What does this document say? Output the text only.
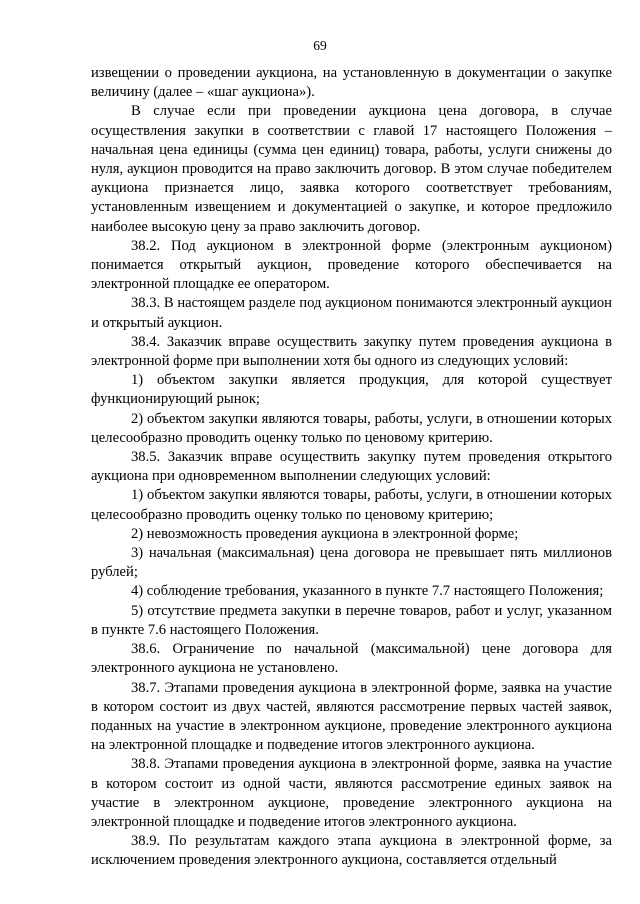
69

извещении о проведении аукциона, на установленную в документации о закупке величину (далее – «шаг аукциона»).

В случае если при проведении аукциона цена договора, в случае осуществления закупки в соответствии с главой 17 настоящего Положения – начальная цена единицы (сумма цен единиц) товара, работы, услуги снижены до нуля, аукцион проводится на право заключить договор. В этом случае победителем аукциона признается лицо, заявка которого соответствует требованиям, установленным извещением и документацией о закупке, и которое предложило наиболее высокую цену за право заключить договор.

38.2. Под аукционом в электронной форме (электронным аукционом) понимается открытый аукцион, проведение которого обеспечивается на электронной площадке ее оператором.

38.3. В настоящем разделе под аукционом понимаются электронный аукцион и открытый аукцион.

38.4. Заказчик вправе осуществить закупку путем проведения аукциона в электронной форме при выполнении хотя бы одного из следующих условий:

1) объектом закупки является продукция, для которой существует функционирующий рынок;

2) объектом закупки являются товары, работы, услуги, в отношении которых целесообразно проводить оценку только по ценовому критерию.

38.5. Заказчик вправе осуществить закупку путем проведения открытого аукциона при одновременном выполнении следующих условий:

1) объектом закупки являются товары, работы, услуги, в отношении которых целесообразно проводить оценку только по ценовому критерию;

2) невозможность проведения аукциона в электронной форме;

3) начальная (максимальная) цена договора не превышает пять миллионов рублей;

4) соблюдение требования, указанного в пункте 7.7 настоящего Положения;

5) отсутствие предмета закупки в перечне товаров, работ и услуг, указанном в пункте 7.6 настоящего Положения.

38.6. Ограничение по начальной (максимальной) цене договора для электронного аукциона не установлено.

38.7. Этапами проведения аукциона в электронной форме, заявка на участие в котором состоит из двух частей, являются рассмотрение первых частей заявок, поданных на участие в электронном аукционе, проведение электронного аукциона на электронной площадке и подведение итогов электронного аукциона.

38.8. Этапами проведения аукциона в электронной форме, заявка на участие в котором состоит из одной части, являются рассмотрение единых заявок на участие в электронном аукционе, проведение электронного аукциона на электронной площадке и подведение итогов электронного аукциона.

38.9. По результатам каждого этапа аукциона в электронной форме, за исключением проведения электронного аукциона, составляется отдельный
